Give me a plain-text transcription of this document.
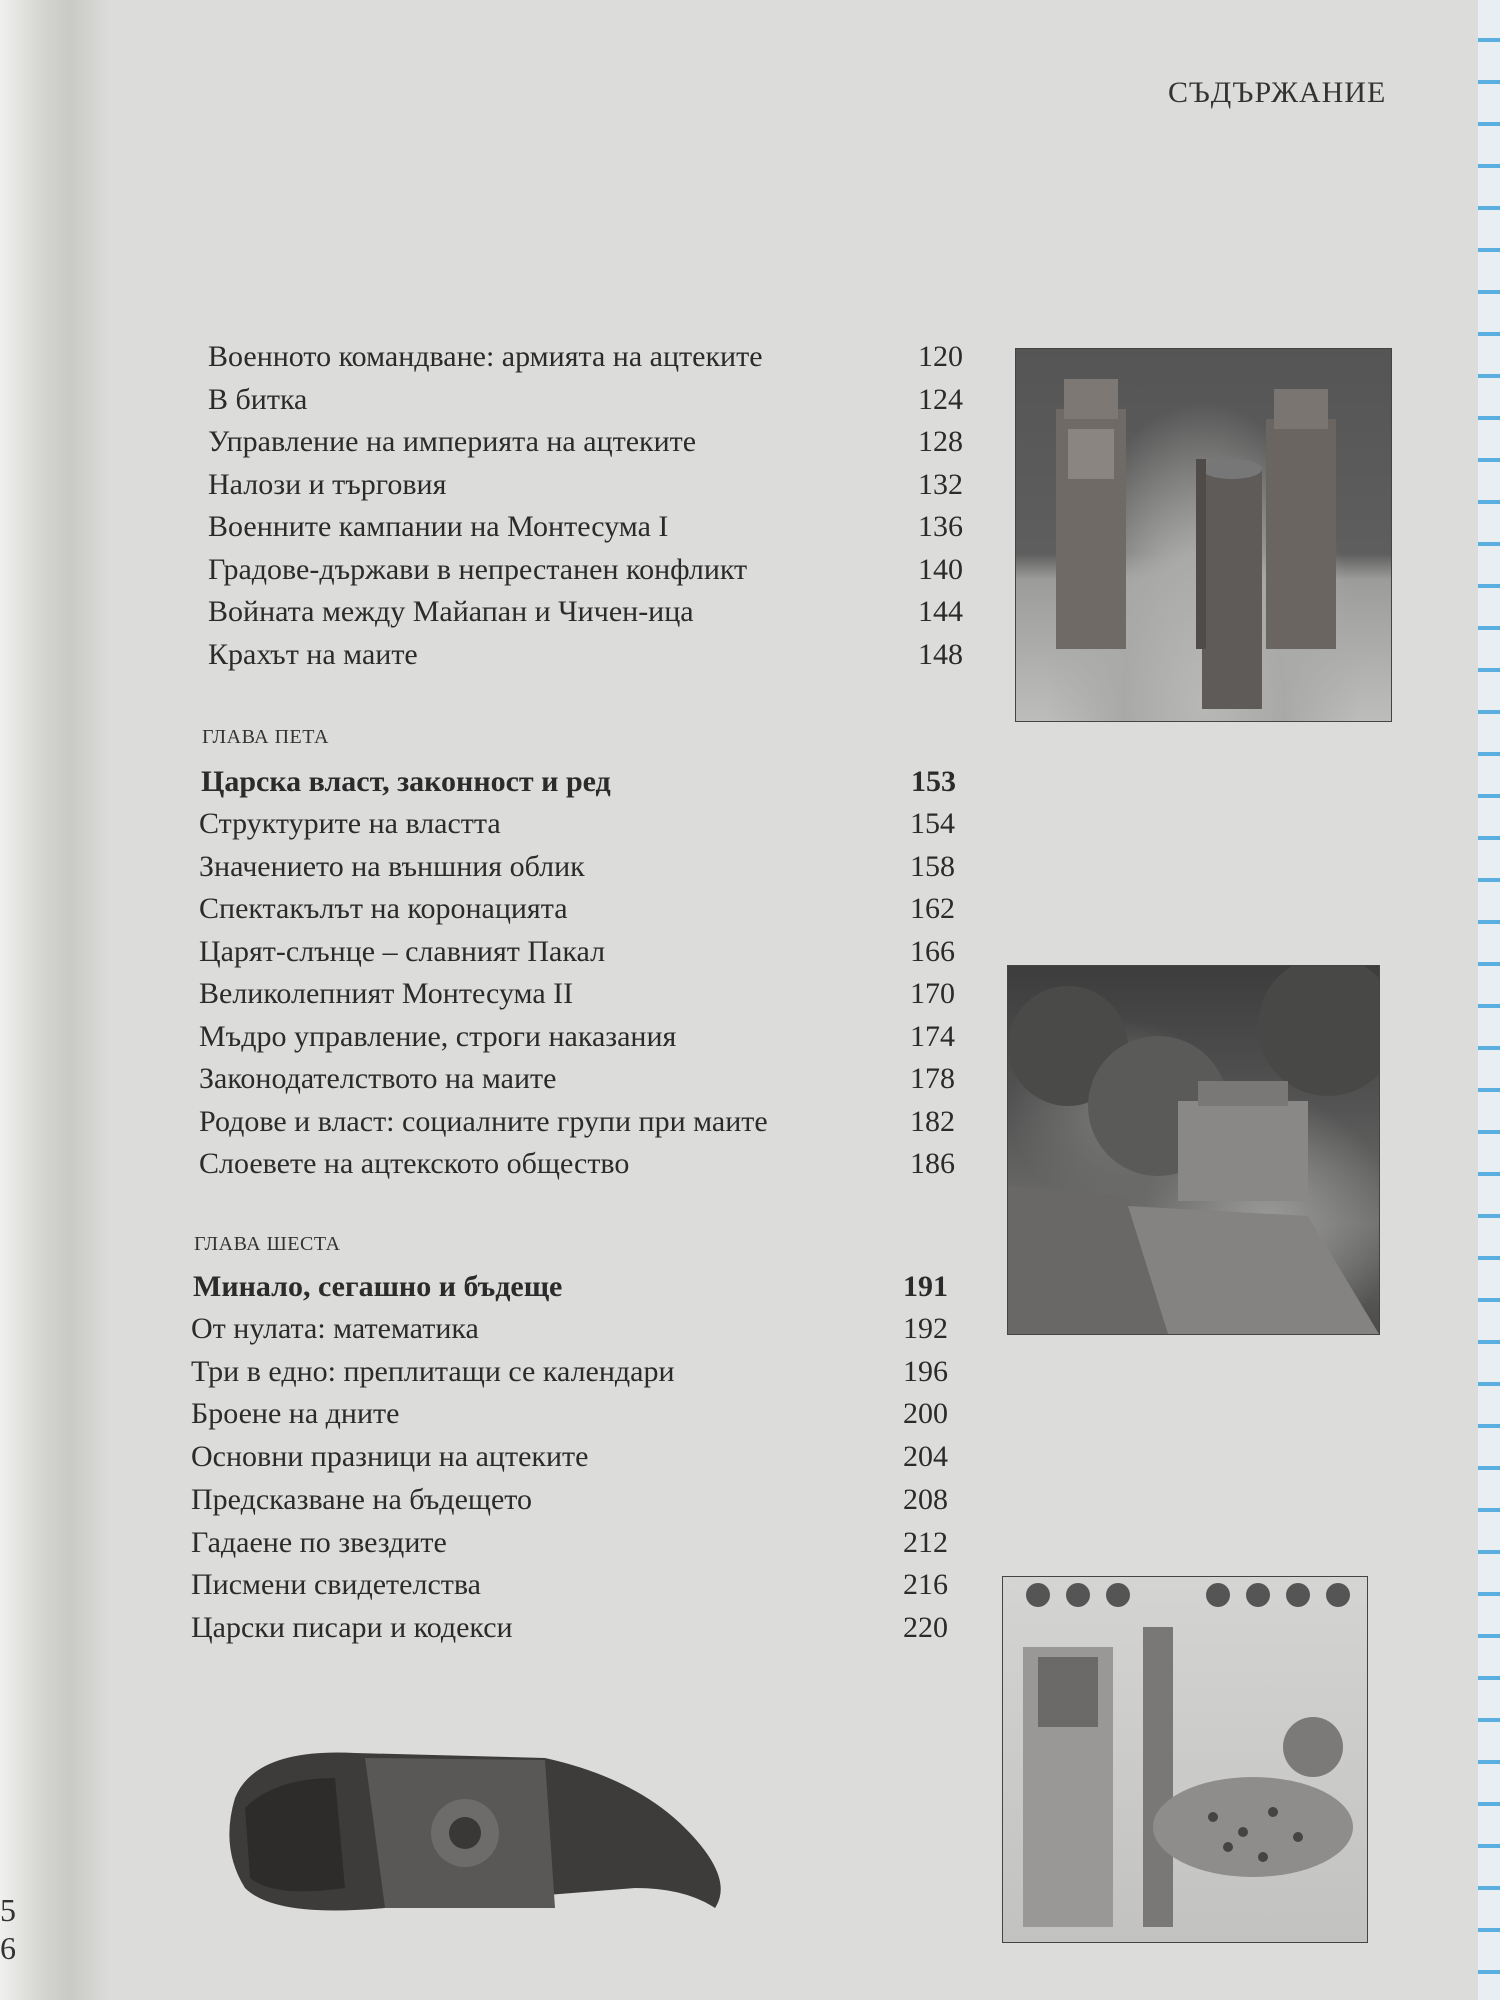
5
6
СЪДЪРЖАНИЕ
Военното командване: армията на ацтеките	120
В битка	124
Управление на империята на ацтеките	128
Налози и търговия	132
Военните кампании на Монтесума I	136
Градове-държави в непрестанен конфликт	140
Войната между Майапан и Чичен-ица	144
Крахът на маите	148
ГЛАВА ПЕТА
Царска власт, законност и ред	153
Структурите на властта	154
Значението на външния облик	158
Спектакълът на коронацията	162
Царят-слънце – славният Пакал	166
Великолепният Монтесума II	170
Мъдро управление, строги наказания	174
Законодателството на маите	178
Родове и власт: социалните групи при маите	182
Слоевете на ацтекското общество	186
ГЛАВА ШЕСТА
Минало, сегашно и бъдеще	191
От нулата: математика	192
Три в едно: преплитащи се календари	196
Броене на дните	200
Основни празници на ацтеките	204
Предсказване на бъдещето	208
Гадаене по звездите	212
Писмени свидетелства	216
Царски писари и кодекси	220
